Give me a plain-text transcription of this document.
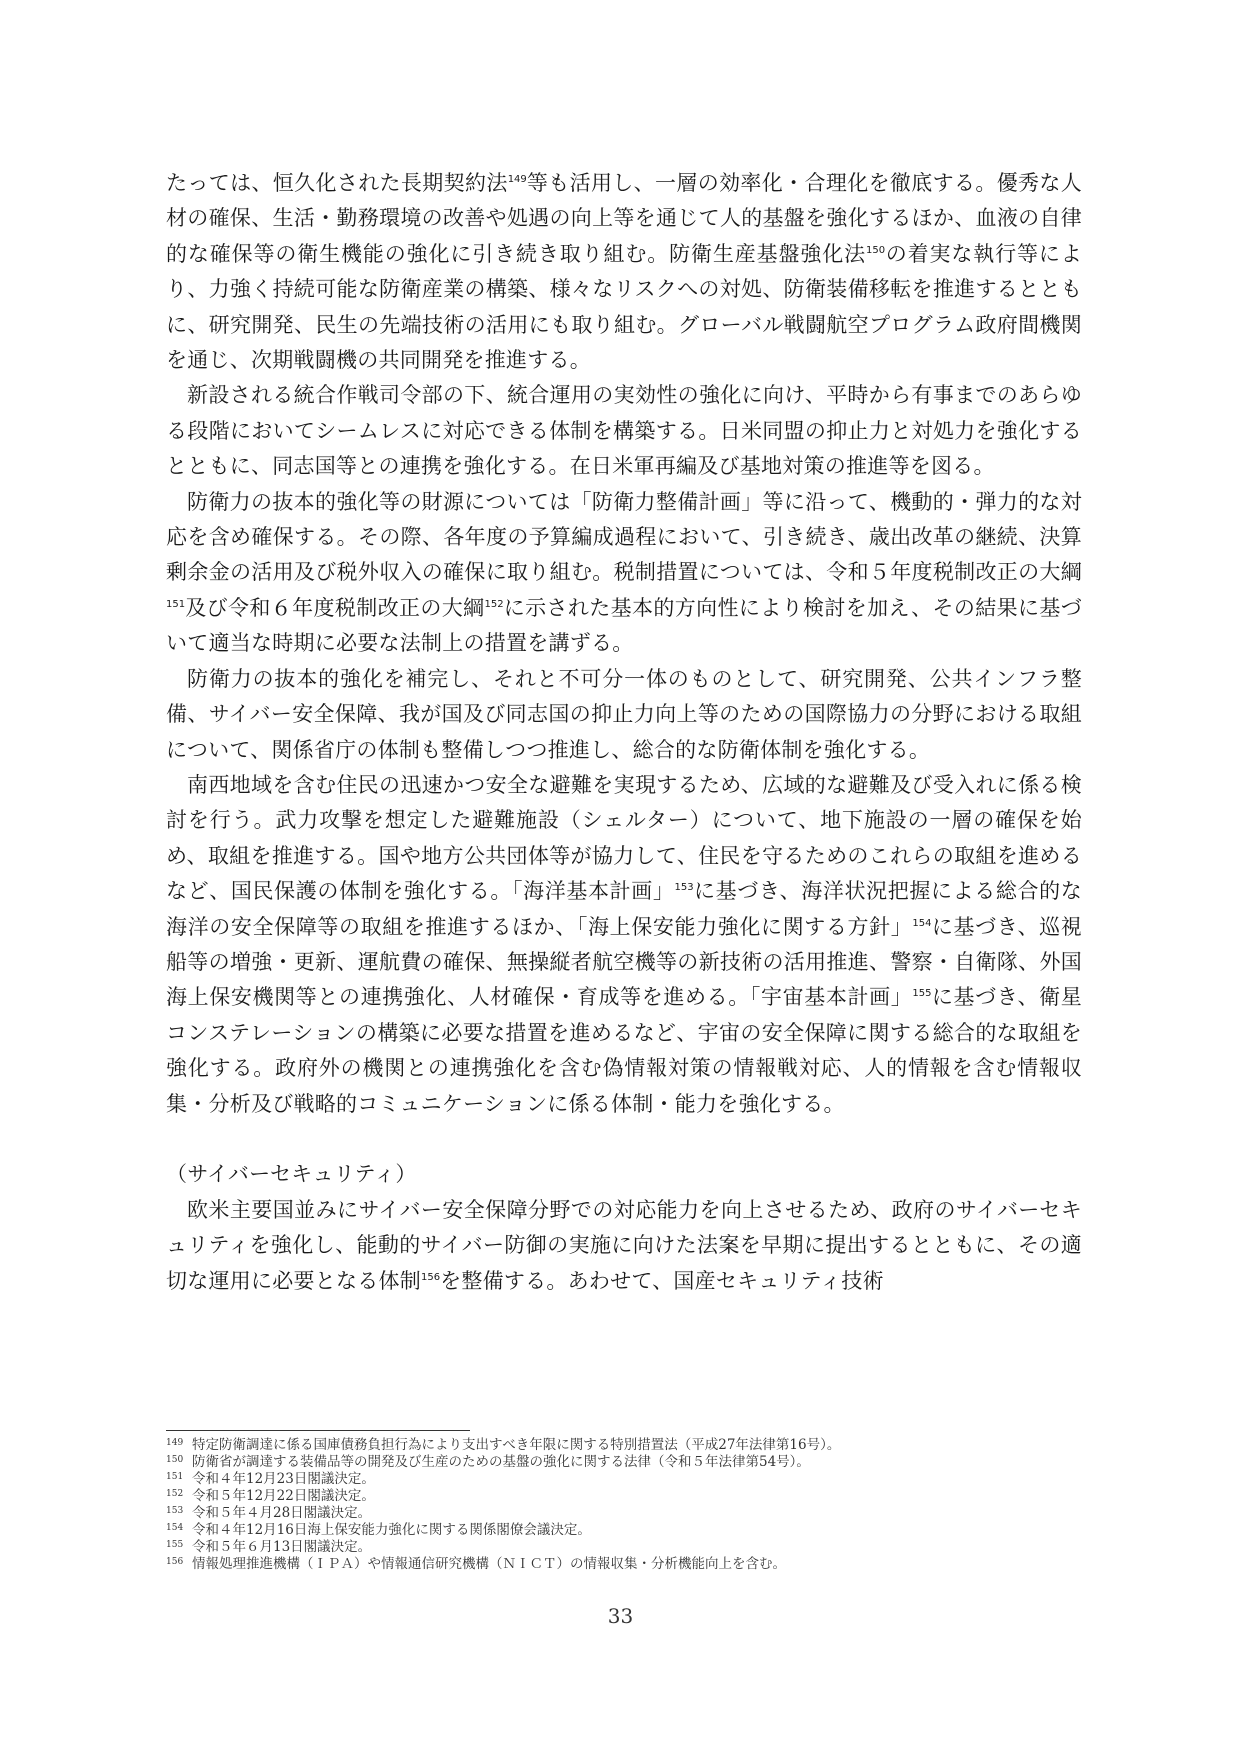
たっては、恒久化された長期契約法$^{149}$等も活用し、一層の効率化・合理化を徹底する。優秀な人材の確保、生活・勤務環境の改善や処遇の向上等を通じて人的基盤を強化するほか、血液の自律的な確保等の衛生機能の強化に引き続き取り組む。防衛生産基盤強化法$^{150}$の着実な執行等により、力強く持続可能な防衛産業の構築、様々なリスクへの対処、防衛装備移転を推進するとともに、研究開発、民生の先端技術の活用にも取り組む。グローバル戦闘航空プログラム政府間機関を通じ、次期戦闘機の共同開発を推進する。

新設される統合作戦司令部の下、統合運用の実効性の強化に向け、平時から有事までのあらゆる段階においてシームレスに対応できる体制を構築する。日米同盟の抑止力と対処力を強化するとともに、同志国等との連携を強化する。在日米軍再編及び基地対策の推進等を図る。

防衛力の抜本的強化等の財源については「防衛力整備計画」等に沿って、機動的・弾力的な対応を含め確保する。その際、各年度の予算編成過程において、引き続き、歳出改革の継続、決算剰余金の活用及び税外収入の確保に取り組む。税制措置については、令和５年度税制改正の大綱$^{151}$及び令和６年度税制改正の大綱$^{152}$に示された基本的方向性により検討を加え、その結果に基づいて適当な時期に必要な法制上の措置を講ずる。

防衛力の抜本的強化を補完し、それと不可分一体のものとして、研究開発、公共インフラ整備、サイバー安全保障、我が国及び同志国の抑止力向上等のための国際協力の分野における取組について、関係省庁の体制も整備しつつ推進し、総合的な防衛体制を強化する。

南西地域を含む住民の迅速かつ安全な避難を実現するため、広域的な避難及び受入れに係る検討を行う。武力攻撃を想定した避難施設（シェルター）について、地下施設の一層の確保を始め、取組を推進する。国や地方公共団体等が協力して、住民を守るためのこれらの取組を進めるなど、国民保護の体制を強化する。「海洋基本計画」$^{153}$に基づき、海洋状況把握による総合的な海洋の安全保障等の取組を推進するほか、「海上保安能力強化に関する方針」$^{154}$に基づき、巡視船等の増強・更新、運航費の確保、無操縦者航空機等の新技術の活用推進、警察・自衛隊、外国海上保安機関等との連携強化、人材確保・育成等を進める。「宇宙基本計画」$^{155}$に基づき、衛星コンステレーションの構築に必要な措置を進めるなど、宇宙の安全保障に関する総合的な取組を強化する。政府外の機関との連携強化を含む偽情報対策の情報戦対応、人的情報を含む情報収集・分析及び戦略的コミュニケーションに係る体制・能力を強化する。

（サイバーセキュリティ）

欧米主要国並みにサイバー安全保障分野での対応能力を向上させるため、政府のサイバーセキュリティを強化し、能動的サイバー防御の実施に向けた法案を早期に提出するとともに、その適切な運用に必要となる体制$^{156}$を整備する。あわせて、国産セキュリティ技術

149 特定防衛調達に係る国庫債務負担行為により支出すべき年限に関する特別措置法（平成27年法律第16号）。
150 防衛省が調達する装備品等の開発及び生産のための基盤の強化に関する法律（令和５年法律第54号）。
151 令和４年12月23日閣議決定。
152 令和５年12月22日閣議決定。
153 令和５年４月28日閣議決定。
154 令和４年12月16日海上保安能力強化に関する関係閣僚会議決定。
155 令和５年６月13日閣議決定。
156 情報処理推進機構（ＩＰＡ）や情報通信研究機構（ＮＩＣＴ）の情報収集・分析機能向上を含む。
33
